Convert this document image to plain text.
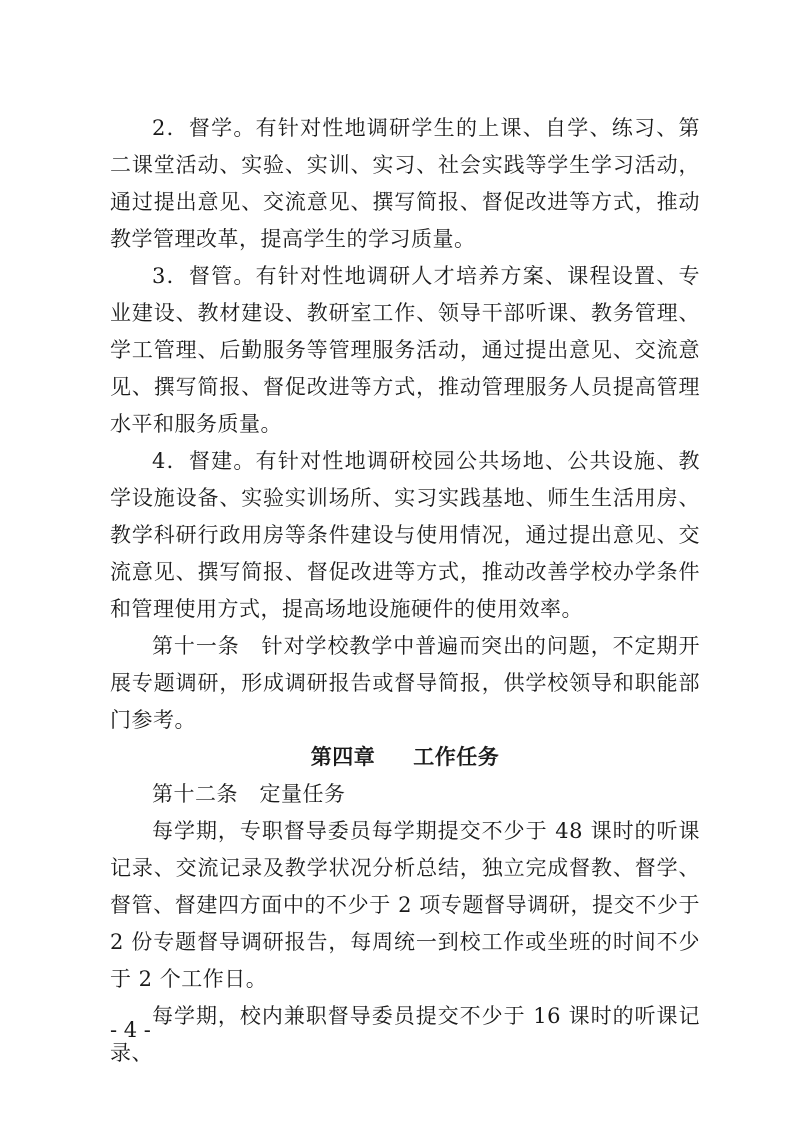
2．督学。有针对性地调研学生的上课、自学、练习、第二课堂活动、实验、实训、实习、社会实践等学生学习活动，通过提出意见、交流意见、撰写简报、督促改进等方式，推动教学管理改革，提高学生的学习质量。

3．督管。有针对性地调研人才培养方案、课程设置、专业建设、教材建设、教研室工作、领导干部听课、教务管理、学工管理、后勤服务等管理服务活动，通过提出意见、交流意见、撰写简报、督促改进等方式，推动管理服务人员提高管理水平和服务质量。

4．督建。有针对性地调研校园公共场地、公共设施、教学设施设备、实验实训场所、实习实践基地、师生生活用房、教学科研行政用房等条件建设与使用情况，通过提出意见、交流意见、撰写简报、督促改进等方式，推动改善学校办学条件和管理使用方式，提高场地设施硬件的使用效率。

第十一条　针对学校教学中普遍而突出的问题，不定期开展专题调研，形成调研报告或督导简报，供学校领导和职能部门参考。

第四章 工作任务

第十二条　定量任务

每学期，专职督导委员每学期提交不少于 48 课时的听课记录、交流记录及教学状况分析总结，独立完成督教、督学、督管、督建四方面中的不少于 2 项专题督导调研，提交不少于 2 份专题督导调研报告，每周统一到校工作或坐班的时间不少于 2 个工作日。

每学期，校内兼职督导委员提交不少于 16 课时的听课记录、

- 4 -
